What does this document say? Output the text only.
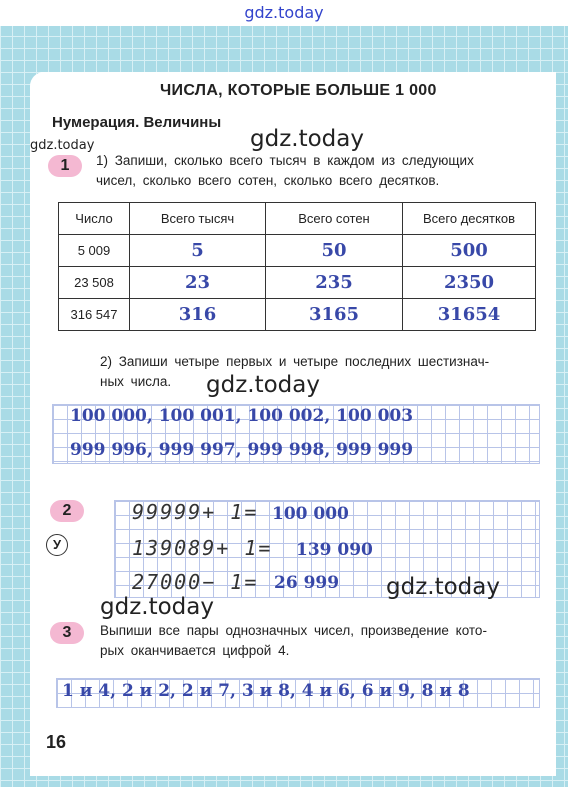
gdz.today
ЧИСЛА, КОТОРЫЕ БОЛЬШЕ 1 000
Нумерация. Величины
gdz.today	gdz.today
1	1) Запиши, сколько всего тысяч в каждом из следующих
чисел, сколько всего сотен, сколько всего десятков.
Число	Всего тысяч	Всего сотен	Всего десятков
5 009	5	50	500
23 508	23	235	2350
316 547	316	3165	31654
2) Запиши четыре первых и четыре последних шестизнач-
ных числа. gdz.today
100 000, 100 001, 100 002, 100 003
999 996, 999 997, 999 998, 999 999
2
У
99999+ 1= 100 000
139089+ 1= 139 090
27000− 1= 26 999 gdz.today
gdz.today
3	Выпиши все пары однозначных чисел, произведение кото-
рых оканчивается цифрой 4.
1 и 4, 2 и 2, 2 и 7, 3 и 8, 4 и 6, 6 и 9, 8 и 8
16
